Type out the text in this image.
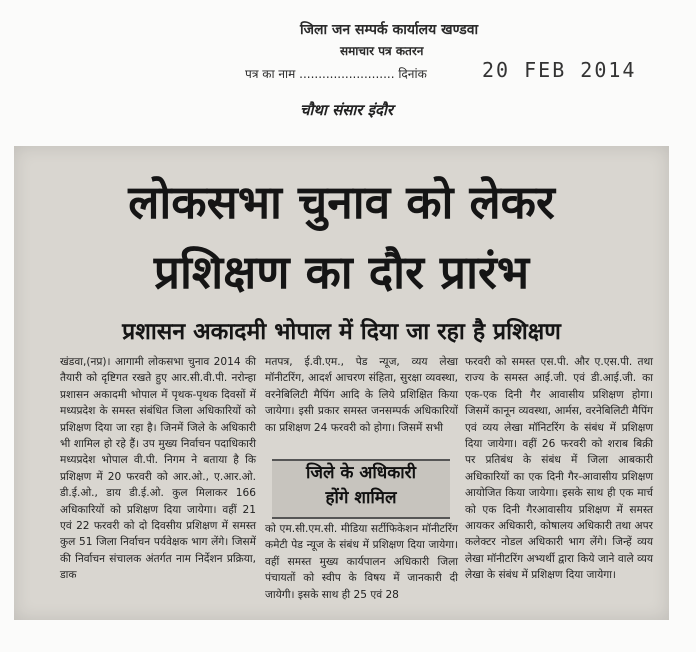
जिला जन सम्पर्क कार्यालय खण्डवा
समाचार पत्र कतरन
पत्र का नाम ......................... दिनांक	20 FEB 2014
चौथा संसार इंदौर
लोकसभा चुनाव को लेकर
प्रशिक्षण का दौर प्रारंभ
प्रशासन अकादमी भोपाल में दिया जा रहा है प्रशिक्षण

खंडवा,(नप्र)। आगामी लोकसभा चुनाव 2014 की तैयारी को दृष्टिगत रखते हुए आर.सी.वी.पी. नरोन्हा प्रशासन अकादमी भोपाल में पृथक-पृथक दिवसों में मध्यप्रदेश के समस्त संबंधित जिला अधिकारियों को प्रशिक्षण दिया जा रहा है। जिनमें जिले के अधिकारी भी शामिल हो रहे हैं। उप मुख्य निर्वाचन पदाधिकारी मध्यप्रदेश भोपाल वी.पी. निगम ने बताया है कि प्रशिक्षण में 20 फरवरी को आर.ओ., ए.आर.ओ. डी.ई.ओ., डाय डी.ई.ओ. कुल मिलाकर 166 अधिकारियों को प्रशिक्षण दिया जायेगा। वहीं 21 एवं 22 फरवरी को दो दिवसीय प्रशिक्षण में समस्त कुल 51 जिला निर्वाचन पर्यवेक्षक भाग लेंगे। जिसमें की निर्वाचन संचालक अंतर्गत नाम निर्देशन प्रक्रिया, डाक

मतपत्र, ई.वी.एम., पेड न्यूज, व्यय लेखा मॉनीटरिंग, आदर्श आचरण संहिता, सुरक्षा व्यवस्था, वरनेबिलिटी मैपिंग आदि के लिये प्रशिक्षित किया जायेगा। इसी प्रकार समस्त जनसम्पर्क अधिकारियों का प्रशिक्षण 24 फरवरी को होगा। जिसमें सभी

जिले के अधिकारी
होंगे शामिल

को एम.सी.एम.सी. मीडिया सर्टीफिकेशन मॉनीटरिंग कमेटी पेड न्यूज के संबंध में प्रशिक्षण दिया जायेगा। वहीं समस्त मुख्य कार्यपालन अधिकारी जिला पंचायतों को स्वीप के विषय में जानकारी दी जायेगी। इसके साथ ही 25 एवं 28

फरवरी को समस्त एस.पी. और ए.एस.पी. तथा राज्य के समस्त आई.जी. एवं डी.आई.जी. का एक-एक दिनी गैर आवासीय प्रशिक्षण होगा। जिसमें कानून व्यवस्था, आर्मस, वरनेबिलिटी मैपिंग एवं व्यय लेखा मॉनिटरिंग के संबंध में प्रशिक्षण दिया जायेगा। वहीं 26 फरवरी को शराब बिक्री पर प्रतिबंध के संबंध में जिला आबकारी अधिकारियों का एक दिनी गैर-आवासीय प्रशिक्षण आयोजित किया जायेगा। इसके साथ ही एक मार्च को एक दिनी गैरआवासीय प्रशिक्षण में समस्त आयकर अधिकारी, कोषालय अधिकारी तथा अपर कलेक्टर नोडल अधिकारी भाग लेंगे। जिन्हें व्यय लेखा मॉनीटरिंग अभ्यर्थी द्वारा किये जाने वाले व्यय लेखा के संबंध में प्रशिक्षण दिया जायेगा।
